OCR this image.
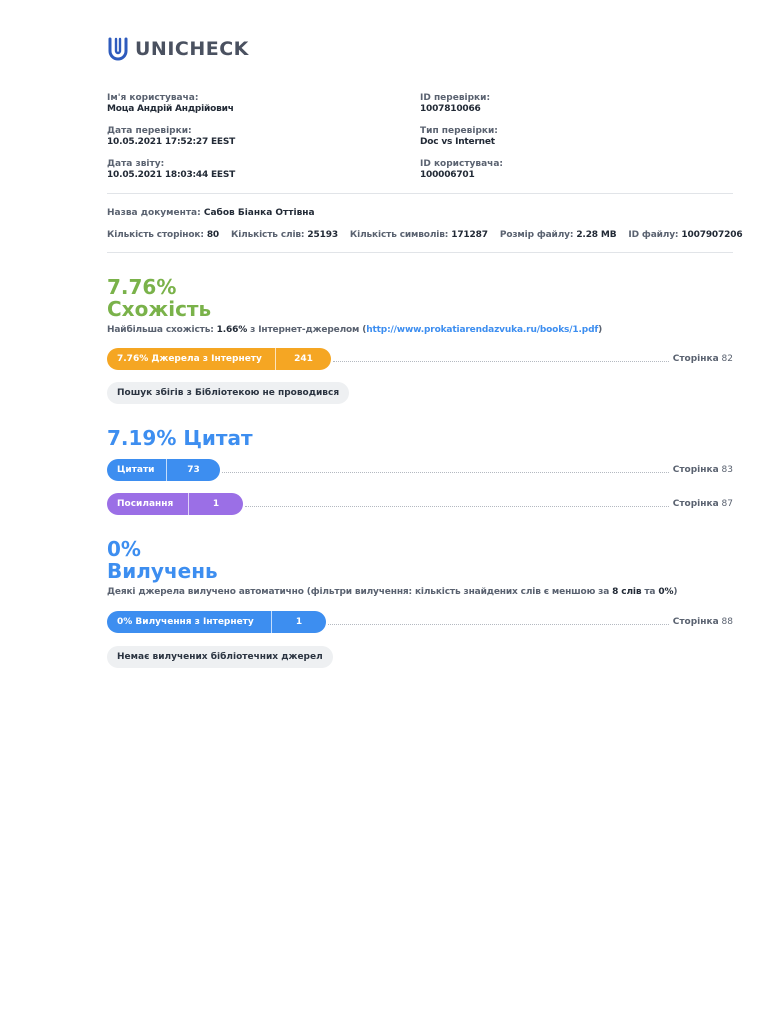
UNICHECK
Ім'я користувача:
Моца Андрій Андрійович
Дата перевірки:
10.05.2021 17:52:27 EEST
Дата звіту:
10.05.2021 18:03:44 EEST
ID перевірки:
1007810066
Тип перевірки:
Doc vs Internet
ID користувача:
100006701
Назва документа: Сабов Біанка Оттівна
Кількість сторінок: 80 Кількість слів: 25193 Кількість символів: 171287 Розмір файлу: 2.28 MB ID файлу: 1007907206
7.76%
Схожість
Найбільша схожість: 1.66% з Інтернет-джерелом (http://www.prokatiarendazvuka.ru/books/1.pdf)
7.76% Джерела з Інтернету	241	Сторінка 82
Пошук збігів з Бібліотекою не проводився
7.19% Цитат
Цитати	73	Сторінка 83
Посилання	1	Сторінка 87
0%
Вилучень
Деякі джерела вилучено автоматично (фільтри вилучення: кількість знайдених слів є меншою за 8 слів та 0%)
0% Вилучення з Інтернету	1	Сторінка 88
Немає вилучених бібліотечних джерел
